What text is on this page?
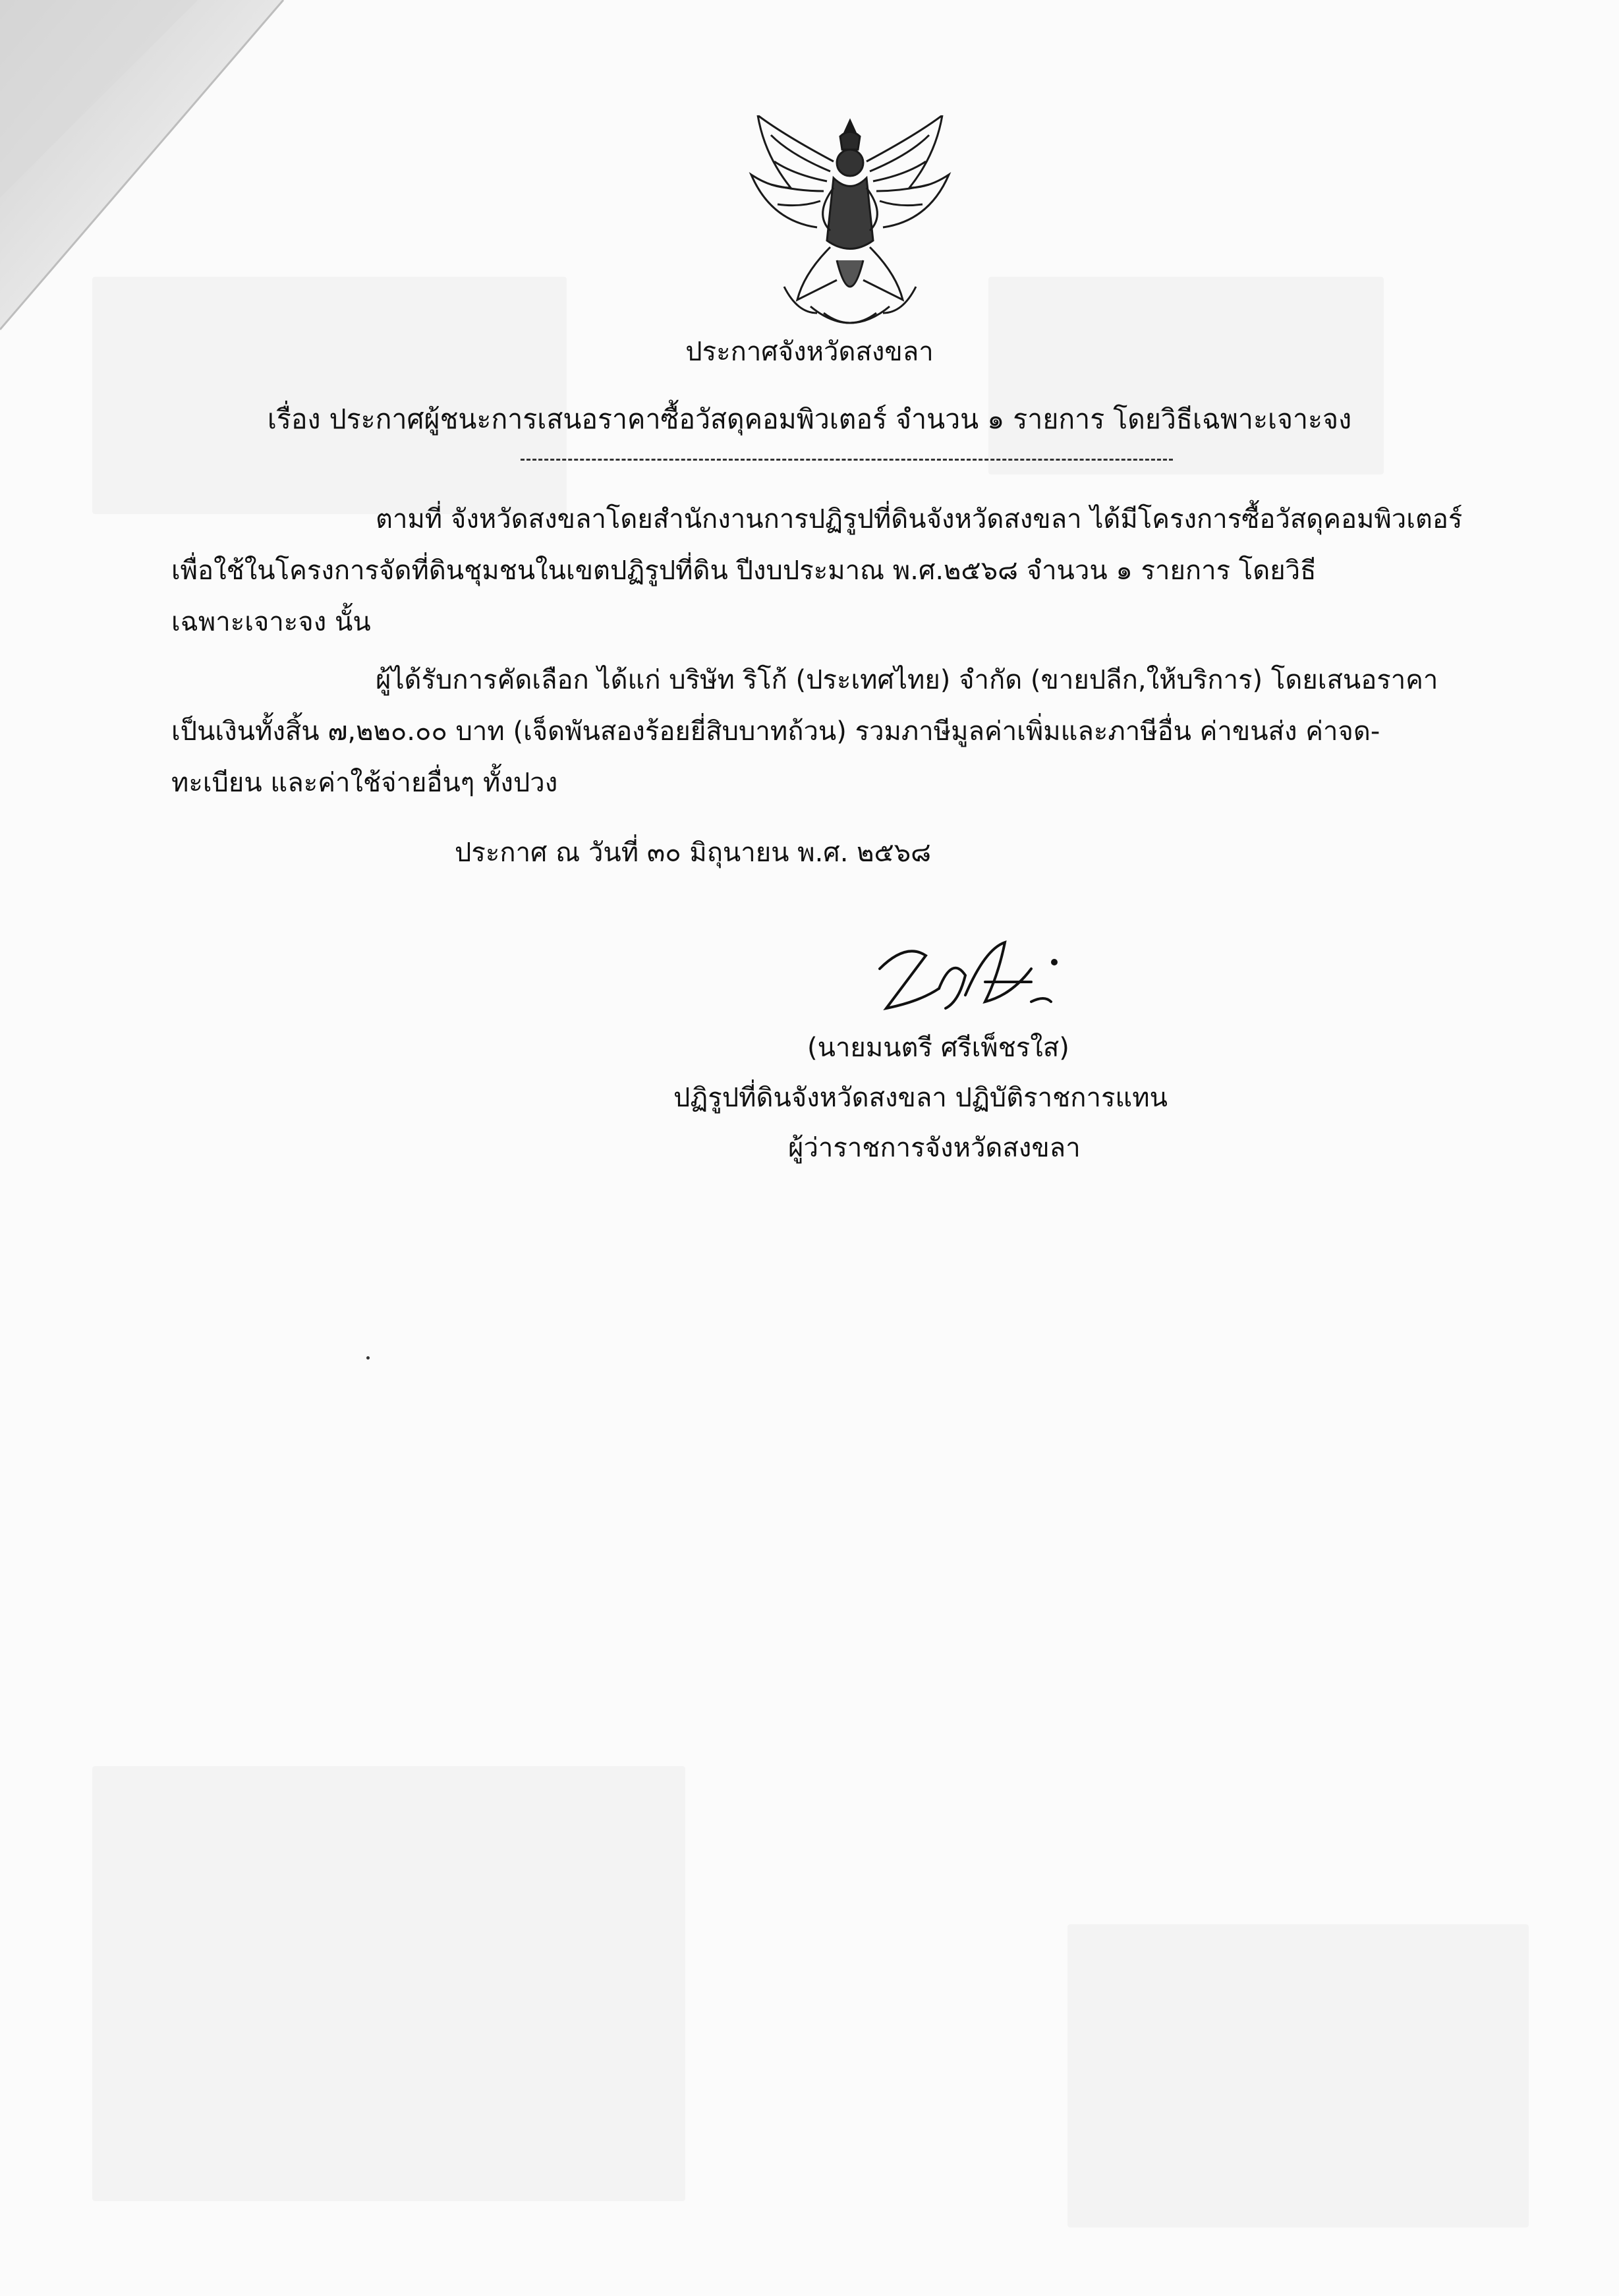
ประกาศจังหวัดสงขลา
เรื่อง ประกาศผู้ชนะการเสนอราคาซื้อวัสดุคอมพิวเตอร์ จำนวน ๑ รายการ โดยวิธีเฉพาะเจาะจง
ตามที่ จังหวัดสงขลาโดยสำนักงานการปฏิรูปที่ดินจังหวัดสงขลา ได้มีโครงการซื้อวัสดุคอมพิวเตอร์
เพื่อใช้ในโครงการจัดที่ดินชุมชนในเขตปฏิรูปที่ดิน ปีงบประมาณ พ.ศ.๒๕๖๘ จำนวน ๑ รายการ โดยวิธี
เฉพาะเจาะจง นั้น
ผู้ได้รับการคัดเลือก ได้แก่ บริษัท ริโก้ (ประเทศไทย) จำกัด (ขายปลีก,ให้บริการ) โดยเสนอราคา
เป็นเงินทั้งสิ้น ๗,๒๒๐.๐๐ บาท (เจ็ดพันสองร้อยยี่สิบบาทถ้วน) รวมภาษีมูลค่าเพิ่มและภาษีอื่น ค่าขนส่ง ค่าจด-
ทะเบียน และค่าใช้จ่ายอื่นๆ ทั้งปวง
ประกาศ ณ วันที่ ๓๐ มิถุนายน พ.ศ. ๒๕๖๘
(นายมนตรี ศรีเพ็ชรใส)
ปฏิรูปที่ดินจังหวัดสงขลา ปฏิบัติราชการแทน
ผู้ว่าราชการจังหวัดสงขลา
